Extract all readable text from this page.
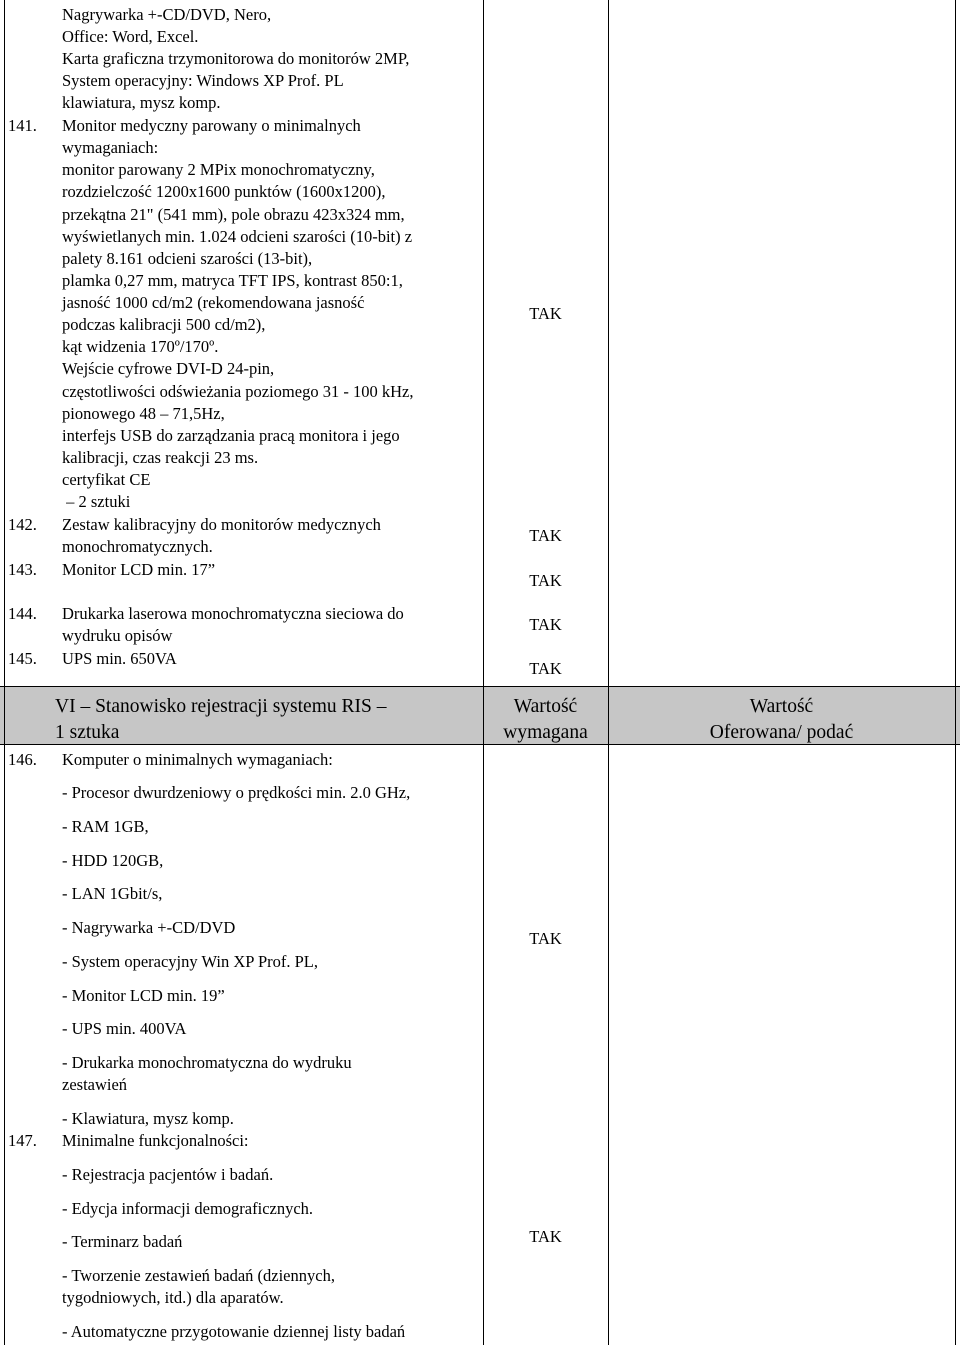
Nagrywarka +-CD/DVD, Nero,
Office: Word, Excel.
Karta graficzna trzymonitorowa do monitorów 2MP,
System operacyjny: Windows XP Prof. PL
klawiatura, mysz komp.
141. Monitor medyczny parowany o minimalnych
wymaganiach:
monitor parowany 2 MPix monochromatyczny,
rozdzielczość 1200x1600 punktów (1600x1200),
przekątna 21" (541 mm), pole obrazu 423x324 mm,
wyświetlanych min. 1.024 odcieni szarości (10-bit) z
palety 8.161 odcieni szarości (13-bit),
plamka 0,27 mm, matryca TFT IPS, kontrast 850:1,
jasność 1000 cd/m2 (rekomendowana jasność
podczas kalibracji 500 cd/m2),
kąt widzenia 170º/170º.
Wejście cyfrowe DVI-D 24-pin,
częstotliwości odświeżania poziomego 31 - 100 kHz,
pionowego 48 – 71,5Hz,
interfejs USB do zarządzania pracą monitora i jego
kalibracji, czas reakcji 23 ms.
certyfikat CE
– 2 sztuki
TAK
142. Zestaw kalibracyjny do monitorów medycznych
monochromatycznych.
TAK
143. Monitor LCD min. 17”
TAK
144. Drukarka laserowa monochromatyczna sieciowa do
wydruku opisów
TAK
145. UPS min. 650VA
TAK
VI – Stanowisko rejestracji systemu RIS –
1 sztuka
Wartość
wymagana
Wartość
Oferowana/ podać
146. Komputer o minimalnych wymaganiach:
- Procesor dwurdzeniowy o prędkości min. 2.0 GHz,
- RAM 1GB,
- HDD 120GB,
- LAN 1Gbit/s,
- Nagrywarka +-CD/DVD
- System operacyjny Win XP Prof. PL,
- Monitor LCD min. 19”
- UPS min. 400VA
- Drukarka monochromatyczna do wydruku
zestawień
- Klawiatura, mysz komp.
TAK
147. Minimalne funkcjonalności:
- Rejestracja pacjentów i badań.
- Edycja informacji demograficznych.
- Terminarz badań
- Tworzenie zestawień badań (dziennych,
tygodniowych, itd.) dla aparatów.
- Automatyczne przygotowanie dziennej listy badań
TAK
